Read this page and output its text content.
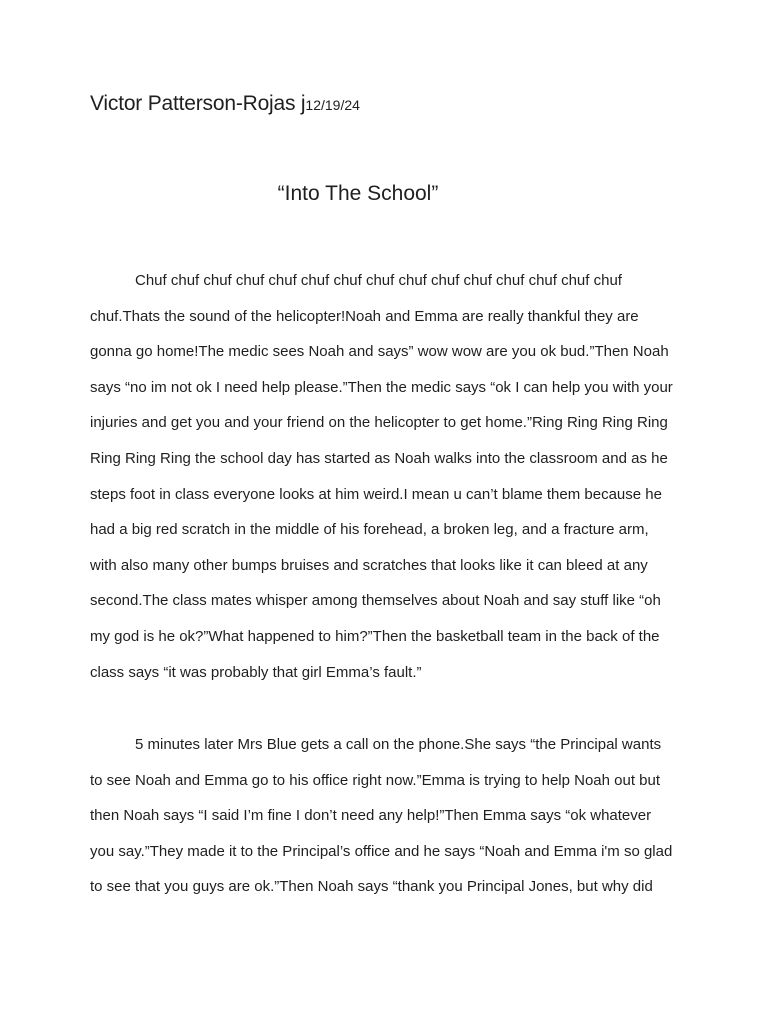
Victor Patterson-Rojas j12/19/24
“Into The School”
Chuf chuf chuf chuf chuf chuf chuf chuf chuf chuf chuf chuf chuf chuf chuf
chuf.Thats the sound of the helicopter!Noah and Emma are really thankful they are
gonna go home!The medic sees Noah and says” wow wow are you ok bud.”Then Noah
says “no im not ok I need help please.”Then the medic says “ok I can help you with your
injuries and get you and your friend on the helicopter to get home.”Ring Ring Ring Ring
Ring Ring Ring the school day has started as Noah walks into the classroom and as he
steps foot in class everyone looks at him weird.I mean u can’t blame them because he
had a big red scratch in the middle of his forehead, a broken leg, and a fracture arm,
with also many other bumps bruises and scratches that looks like it can bleed at any
second.The class mates whisper among themselves about Noah and say stuff like “oh
my god is he ok?”What happened to him?”Then the basketball team in the back of the
class says “it was probably that girl Emma’s fault.”
5 minutes later Mrs Blue gets a call on the phone.She says “the Principal wants
to see Noah and Emma go to his office right now.”Emma is trying to help Noah out but
then Noah says “I said I’m fine I don’t need any help!”Then Emma says “ok whatever
you say.”They made it to the Principal’s office and he says “Noah and Emma i'm so glad
to see that you guys are ok.”Then Noah says “thank you Principal Jones, but why did
